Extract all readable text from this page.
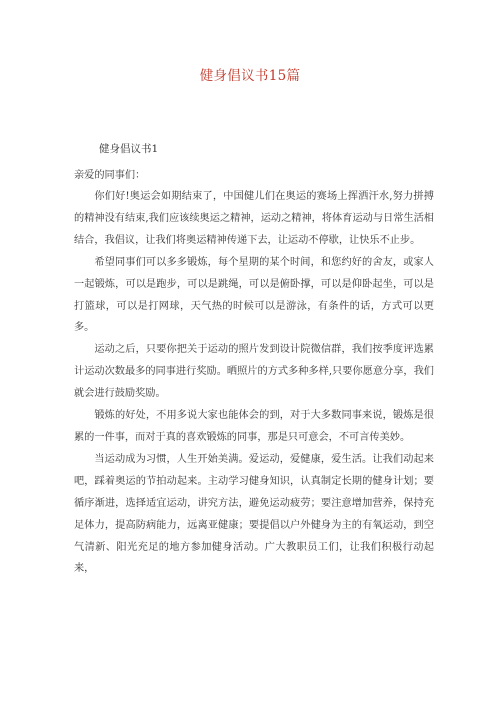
健身倡议书15篇
健身倡议书1

亲爱的同事们：

你们好!奥运会如期结束了，中国健儿们在奥运的赛场上挥洒汗水,努力拼搏的精神没有结束,我们应该续奥运之精神，运动之精神，将体育运动与日常生活相结合，我倡议，让我们将奥运精神传递下去，让运动不停歇，让快乐不止步。

希望同事们可以多多锻炼，每个星期的某个时间，和您约好的舍友，或家人一起锻炼，可以是跑步，可以是跳绳，可以是俯卧撑，可以是仰卧起坐，可以是打篮球，可以是打网球，天气热的时候可以是游泳，有条件的话，方式可以更多。

运动之后，只要你把关于运动的照片发到设计院微信群，我们按季度评选累计运动次数最多的同事进行奖励。晒照片的方式多种多样,只要你愿意分享，我们就会进行鼓励奖励。

锻炼的好处，不用多说大家也能体会的到，对于大多数同事来说，锻炼是很累的一件事，而对于真的喜欢锻炼的同事，那是只可意会，不可言传美妙。

当运动成为习惯，人生开始美满。爱运动，爱健康，爱生活。让我们动起来吧，踩着奥运的节拍动起来。主动学习健身知识，认真制定长期的健身计划；要循序渐进，选择适宜运动，讲究方法，避免运动疲劳；要注意增加营养，保持充足体力，提高防病能力，远离亚健康；要提倡以户外健身为主的有氧运动，到空气清新、阳光充足的地方参加健身活动。广大教职员工们，让我们积极行动起来，
